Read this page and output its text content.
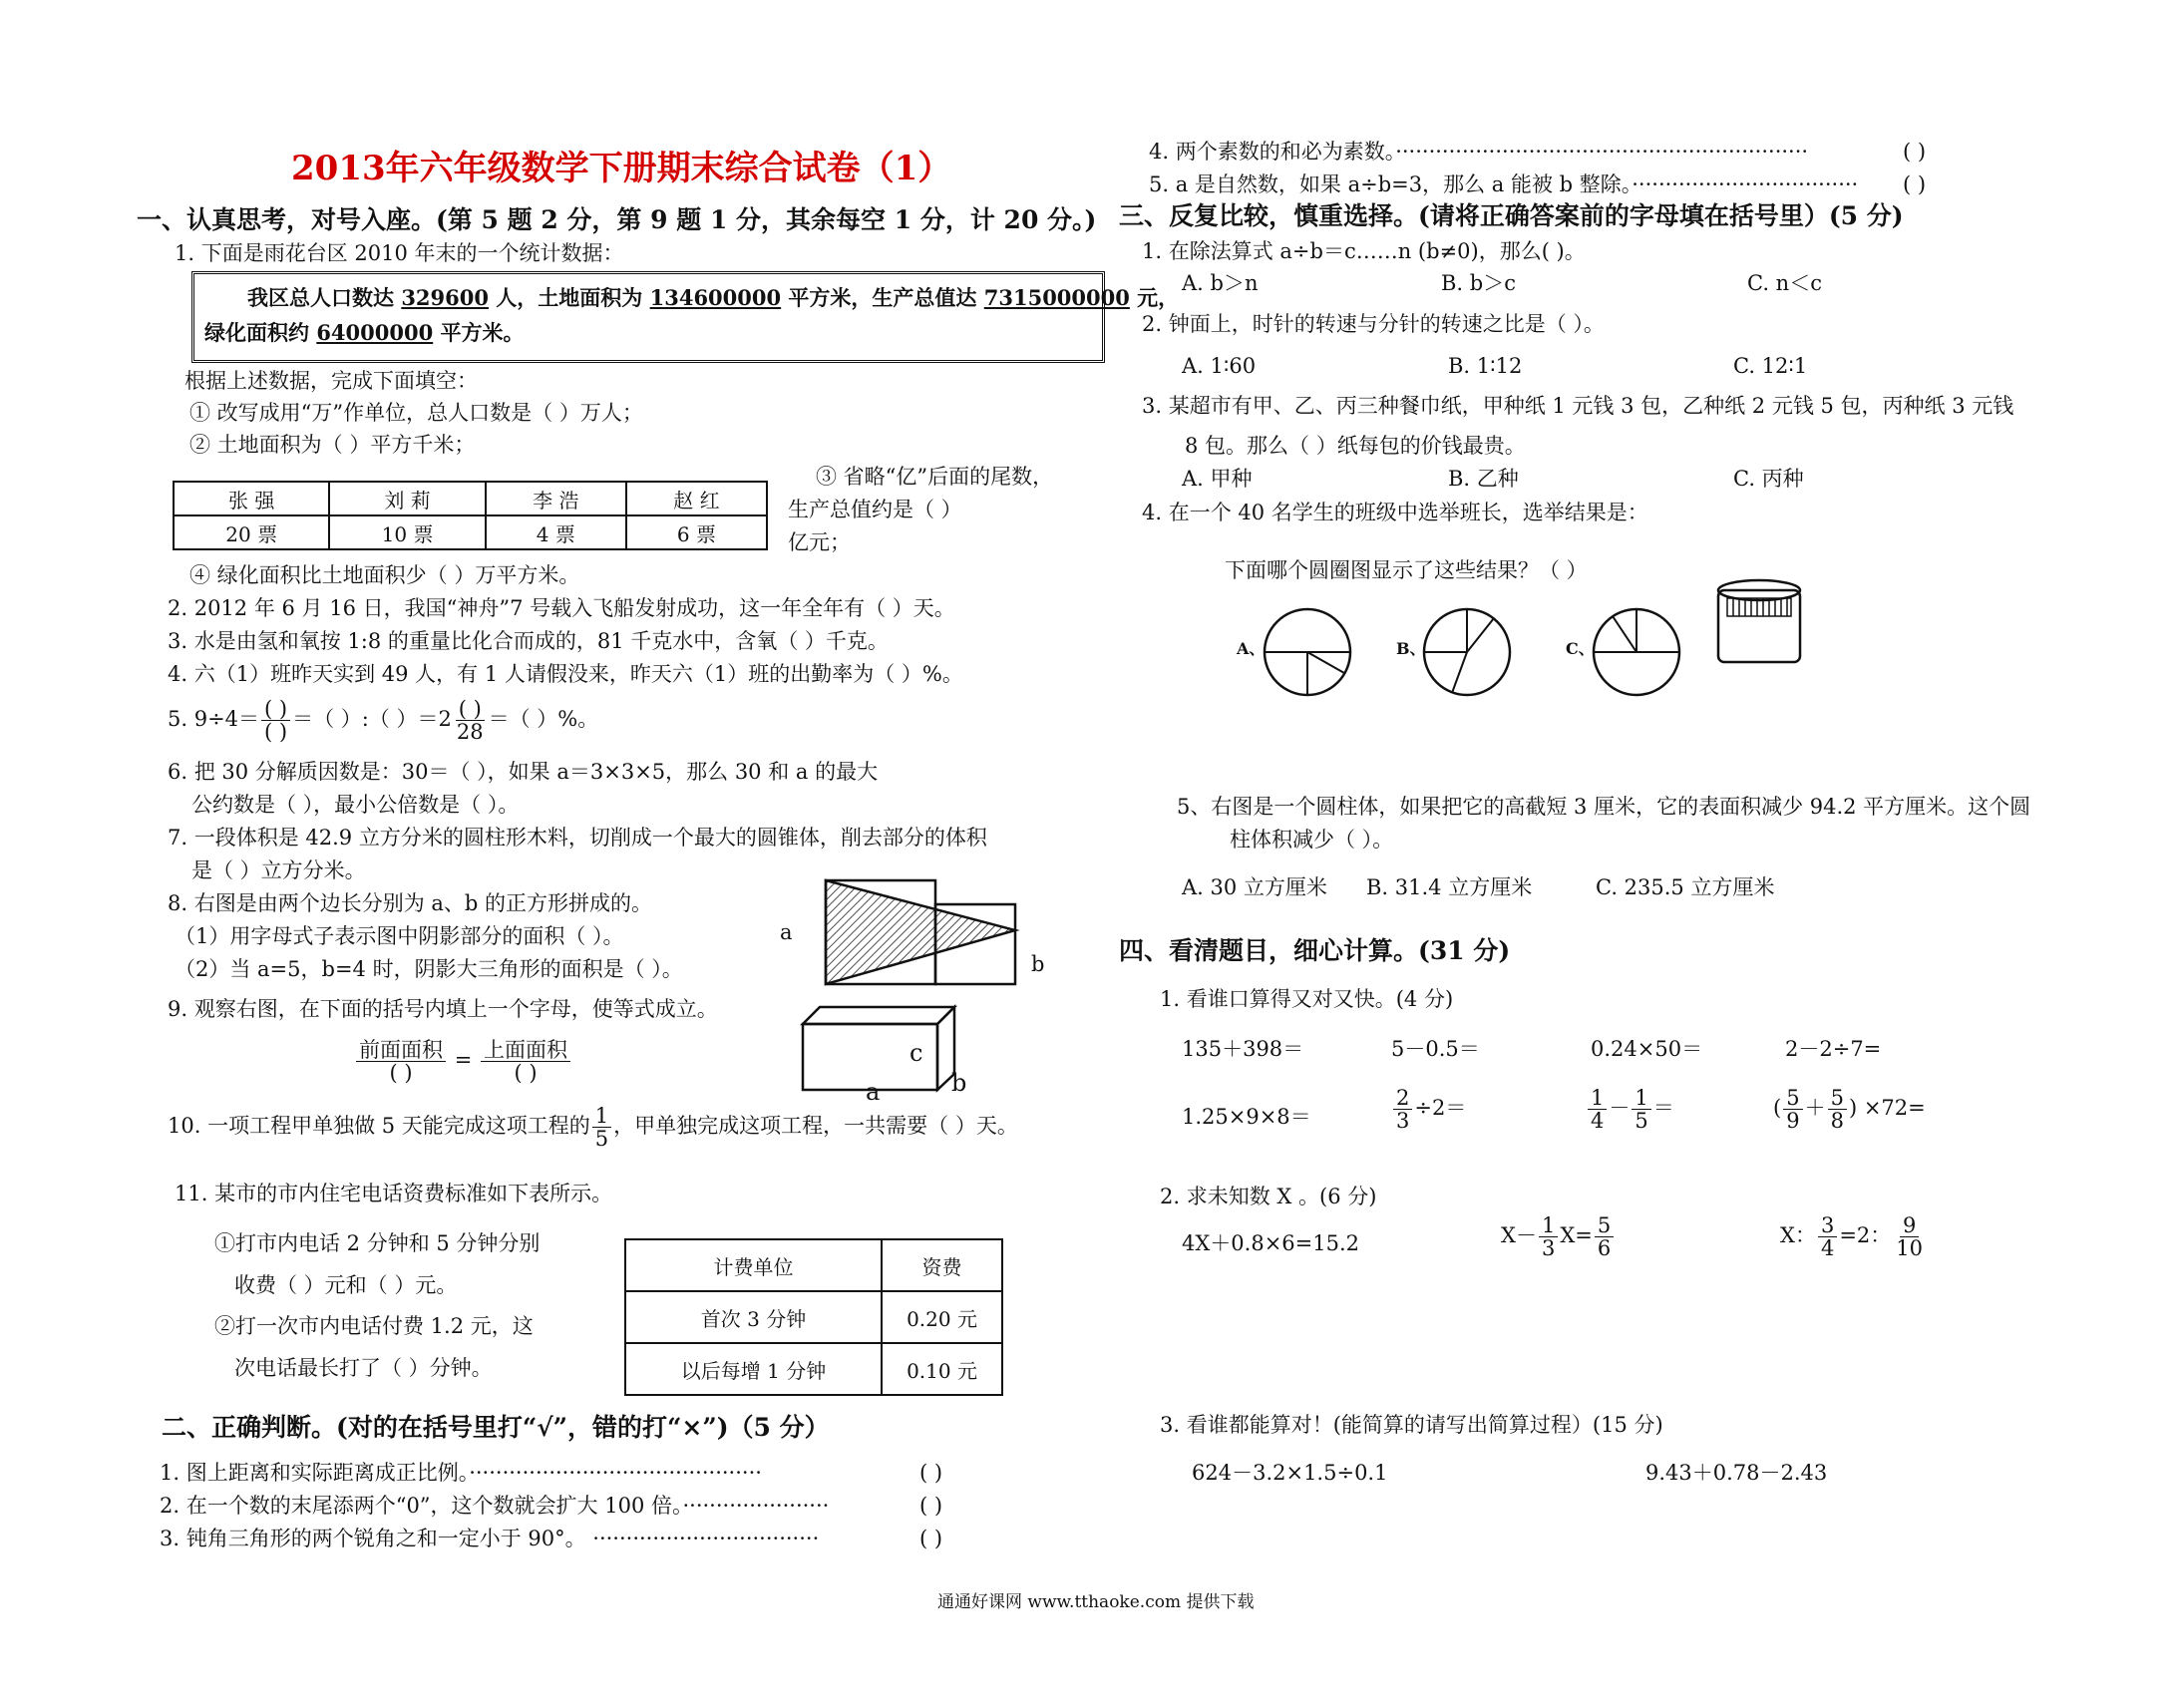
2013年六年级数学下册期末综合试卷（1）
一、认真思考，对号入座。(第 5 题 2 分，第 9 题 1 分，其余每空 1 分，计 20 分。)
1. 下面是雨花台区 2010 年末的一个统计数据：
我区总人口数达 329600 人，土地面积为 134600000 平方米，生产总值达 7315000000 元，
绿化面积约 64000000 平方米。
根据上述数据，完成下面填空：
① 改写成用“万”作单位，总人口数是（ ）万人；
② 土地面积为（ ）平方千米；
张 强	刘 莉	李 浩	赵 红
20 票	10 票	4 票	6 票
③ 省略“亿”后面的尾数，
生产总值约是（ ）
亿元；
④ 绿化面积比土地面积少（ ）万平方米。
2. 2012 年 6 月 16 日，我国“神舟”7 号载入飞船发射成功，这一年全年有（ ）天。
3. 水是由氢和氧按 1:8 的重量比化合而成的，81 千克水中，含氧（ ）千克。
4. 六（1）班昨天实到 49 人，有 1 人请假没来，昨天六（1）班的出勤率为（ ）%。
5. $9\div 4= \frac{( )}{( )}$ ＝（ ）:（ ）$=2 \frac{( )}{28}$ ＝（ ）%。
6. 把 30 分解质因数是：30＝（ ），如果 a＝3×3×5，那么 30 和 a 的最大
公约数是（ ），最小公倍数是（ ）。
7. 一段体积是 42.9 立方分米的圆柱形木料，切削成一个最大的圆锥体，削去部分的体积
是（ ）立方分米。
8. 右图是由两个边长分别为 a、b 的正方形拼成的。
（1）用字母式子表示图中阴影部分的面积（ ）。
（2）当 a=5，b=4 时，阴影大三角形的面积是（ ）。
a
b
9. 观察右图，在下面的括号内填上一个字母，使等式成立。
$\frac{\text{前面面积}}{( )} = \frac{\text{上面面积}}{( )}$	c
a	b
10. 一项工程甲单独做 5 天能完成这项工程的 $\frac{1}{5}$ ，甲单独完成这项工程，一共需要（ ）天。
11. 某市的市内住宅电话资费标准如下表所示。
①打市内电话 2 分钟和 5 分钟分别
收费（ ）元和（ ）元。
②打一次市内电话付费 1.2 元，这
次电话最长打了（ ）分钟。
计费单位	资费
首次 3 分钟	0.20 元
以后每增 1 分钟	0.10 元
二、正确判断。(对的在括号里打“√”，错的打“×”)（5 分）
1. 图上距离和实际距离成正比例。············································	( )
2. 在一个数的末尾添两个“0”，这个数就会扩大 100 倍。······················	( )
3. 钝角三角形的两个锐角之和一定小于 90°。 ··································	( )
4. 两个素数的和必为素数。······························································	( )
5. a 是自然数，如果 a÷b=3，那么 a 能被 b 整除。·································· ( )
三、反复比较，慎重选择。(请将正确答案前的字母填在括号里）(5 分)
1. 在除法算式 a÷b＝c……n (b≠0)，那么( )。
A. b＞n	B. b＞c	C. n＜c
2. 钟面上，时针的转速与分针的转速之比是（ ）。
A. 1∶60	B. 1∶12	C. 12∶1
3. 某超市有甲、乙、丙三种餐巾纸，甲种纸 1 元钱 3 包，乙种纸 2 元钱 5 包，丙种纸 3 元钱
8 包。那么（ ）纸每包的价钱最贵。
A. 甲种	B. 乙种	C. 丙种
4. 在一个 40 名学生的班级中选举班长，选举结果是：
下面哪个圆圈图显示了这些结果？（ ）
A、	B、	C、
5、右图是一个圆柱体，如果把它的高截短 3 厘米，它的表面积减少 94.2 平方厘米。这个圆
柱体积减少（ ）。
A. 30 立方厘米 B. 31.4 立方厘米	C. 235.5 立方厘米
四、看清题目，细心计算。(31 分)
1. 看谁口算得又对又快。(4 分)
135＋398＝	5－0.5＝	0.24×50＝	2－2÷7=
1.25×9×8＝	$\frac{2}{3} \div 2=$	$\frac{1}{4} - \frac{1}{5}$ ＝	( $\frac{5}{9} + \frac{5}{8}$ ) ×72=
2. 求未知数 X 。(6 分)
4X＋0.8×6=15.2	$X- \frac{1}{3} X= \frac{5}{6}$	X： $\frac{3}{4} =2$： $\frac{9}{10}$
3. 看谁都能算对！(能简算的请写出简算过程）(15 分)
624－3.2×1.5÷0.1	9.43＋0.78－2.43
通通好课网 www.tthaoke.com 提供下载
